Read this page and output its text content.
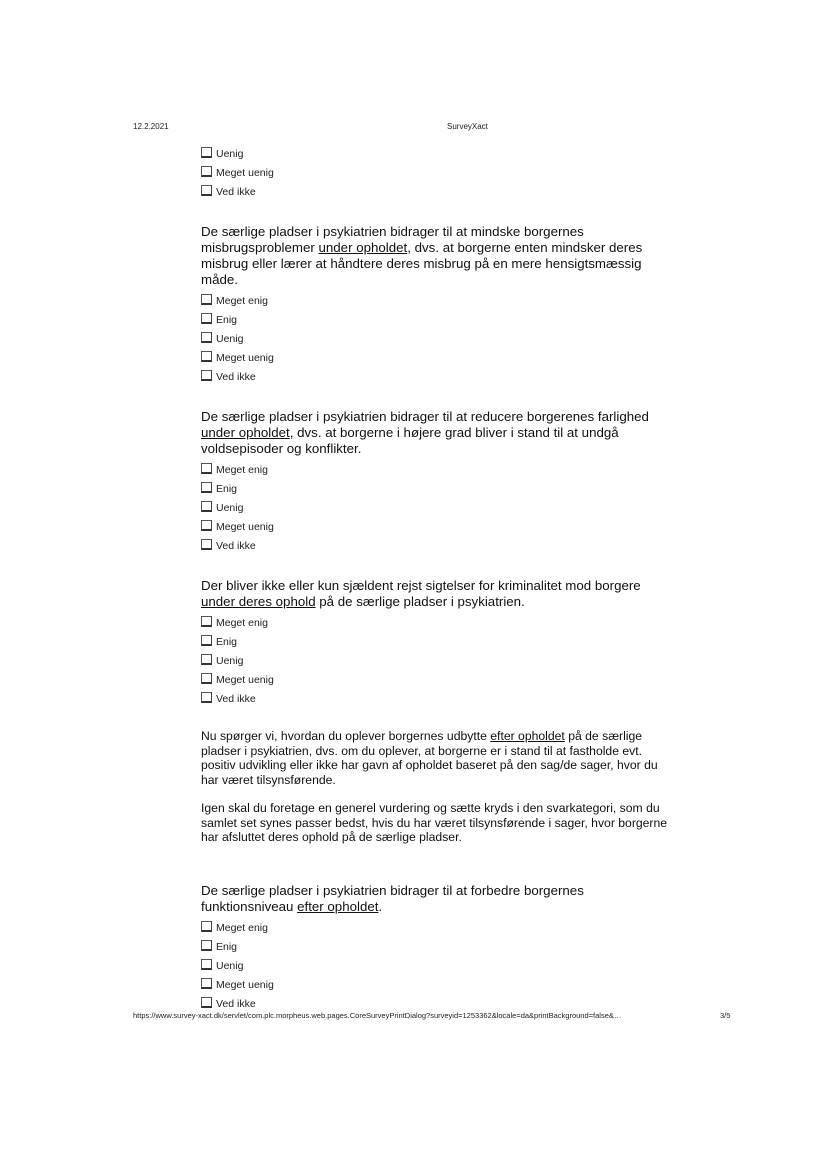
12.2.2021	SurveyXact
Uenig
Meget uenig
Ved ikke

De særlige pladser i psykiatrien bidrager til at mindske borgernes misbrugsproblemer under opholdet, dvs. at borgerne enten mindsker deres misbrug eller lærer at håndtere deres misbrug på en mere hensigtsmæssig måde.

Meget enig
Enig
Uenig
Meget uenig
Ved ikke

De særlige pladser i psykiatrien bidrager til at reducere borgerenes farlighed under opholdet, dvs. at borgerne i højere grad bliver i stand til at undgå voldsepisoder og konflikter.

Meget enig
Enig
Uenig
Meget uenig
Ved ikke

Der bliver ikke eller kun sjældent rejst sigtelser for kriminalitet mod borgere under deres ophold på de særlige pladser i psykiatrien.

Meget enig
Enig
Uenig
Meget uenig
Ved ikke

Nu spørger vi, hvordan du oplever borgernes udbytte efter opholdet på de særlige pladser i psykiatrien, dvs. om du oplever, at borgerne er i stand til at fastholde evt. positiv udvikling eller ikke har gavn af opholdet baseret på den sag/de sager, hvor du har været tilsynsførende.

Igen skal du foretage en generel vurdering og sætte kryds i den svarkategori, som du samlet set synes passer bedst, hvis du har været tilsynsførende i sager, hvor borgerne har afsluttet deres ophold på de særlige pladser.

De særlige pladser i psykiatrien bidrager til at forbedre borgernes funktionsniveau efter opholdet.

Meget enig
Enig
Uenig
Meget uenig
Ved ikke
https://www.survey-xact.dk/servlet/com.plc.morpheus.web.pages.CoreSurveyPrintDialog?surveyid=1253362&locale=da&printBackground=false&…	3/5
